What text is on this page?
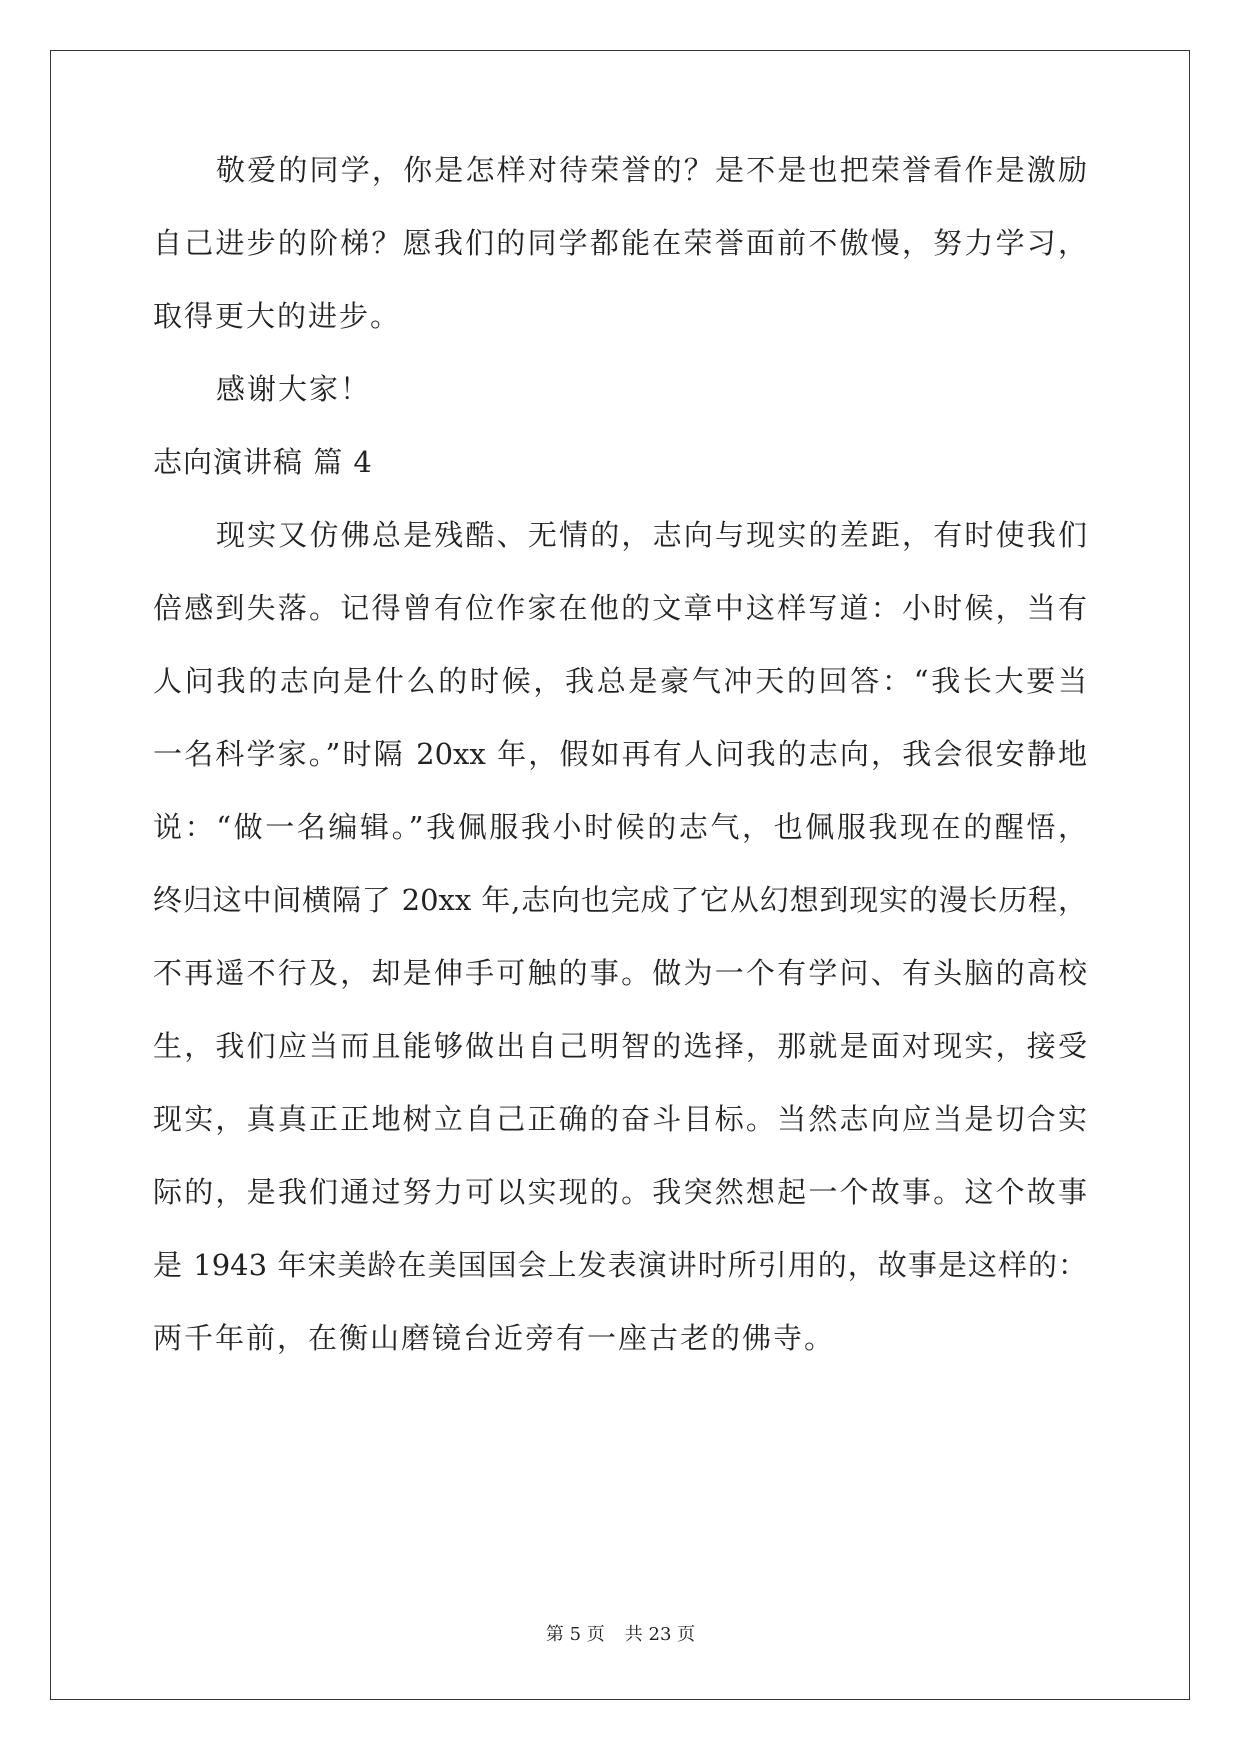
敬爱的同学，你是怎样对待荣誉的？是不是也把荣誉看作是激励
自己进步的阶梯？愿我们的同学都能在荣誉面前不傲慢，努力学习，
取得更大的进步。
感谢大家！
志向演讲稿 篇 4
现实又仿佛总是残酷、无情的，志向与现实的差距，有时使我们
倍感到失落。记得曾有位作家在他的文章中这样写道：小时候，当有
人问我的志向是什么的时候，我总是豪气冲天的回答：“我长大要当
一名科学家。”时隔 20xx 年，假如再有人问我的志向，我会很安静地
说：“做一名编辑。”我佩服我小时候的志气，也佩服我现在的醒悟，
终归这中间横隔了 20xx 年,志向也完成了它从幻想到现实的漫长历程，
不再遥不行及，却是伸手可触的事。做为一个有学问、有头脑的高校
生，我们应当而且能够做出自己明智的选择，那就是面对现实，接受
现实，真真正正地树立自己正确的奋斗目标。当然志向应当是切合实
际的，是我们通过努力可以实现的。我突然想起一个故事。这个故事
是 1943 年宋美龄在美国国会上发表演讲时所引用的，故事是这样的：
两千年前，在衡山磨镜台近旁有一座古老的佛寺。
第 5 页 共 23 页
